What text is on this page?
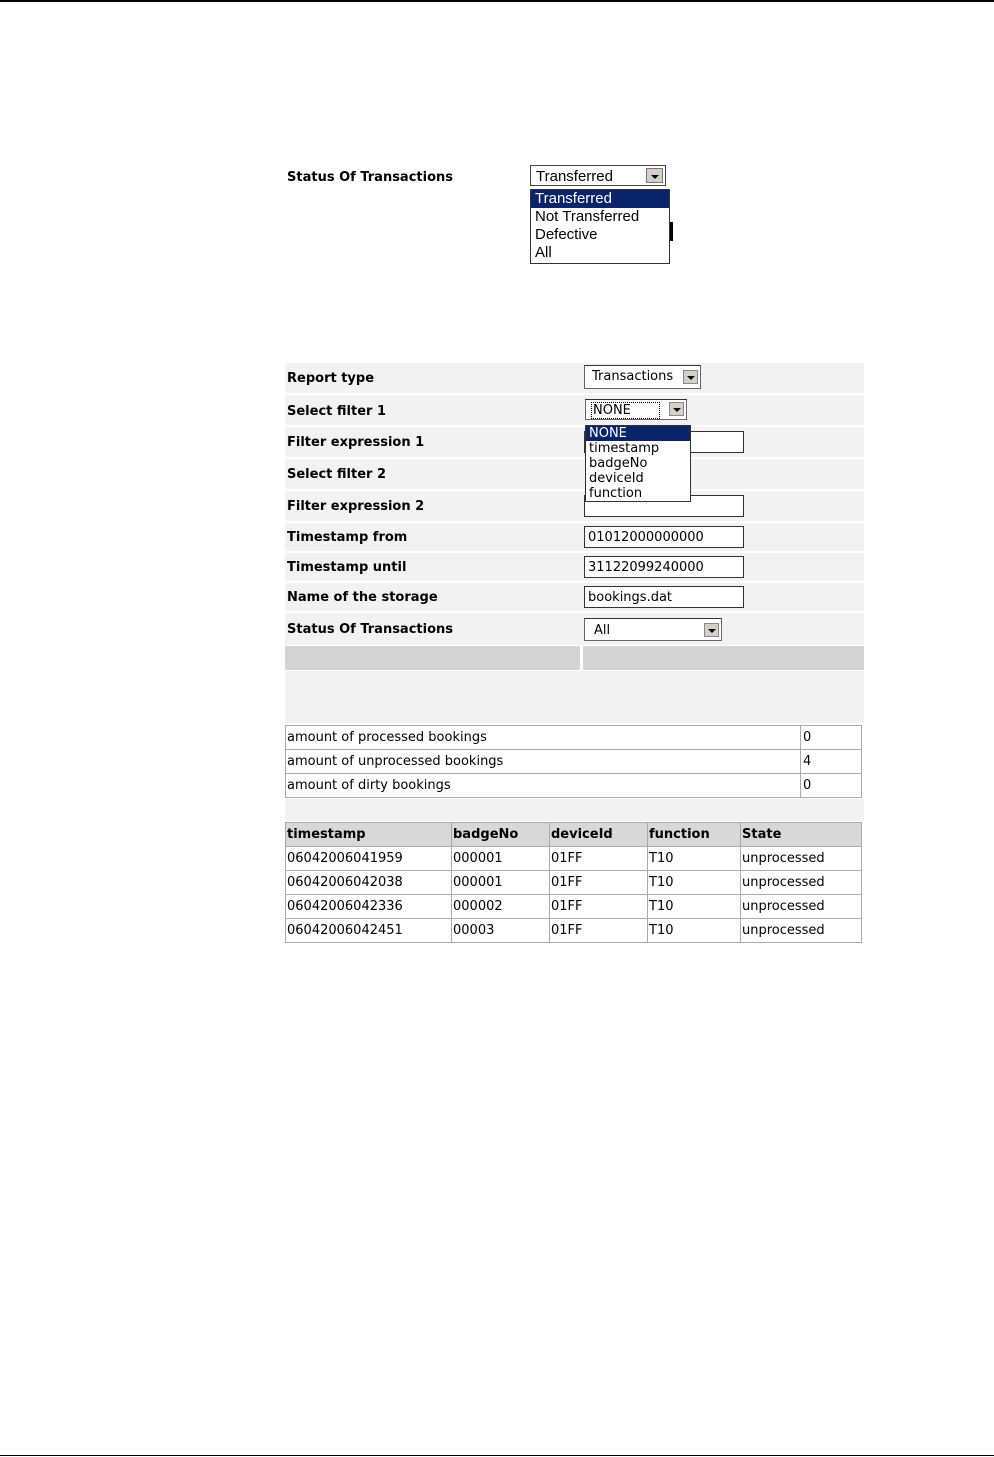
Status Of Transactions	Transferred
Transferred
Not Transferred
Defective
All
Report type	Transactions
Select filter 1	NONE
Filter expression 1
Select filter 2
Filter expression 2
Timestamp from	01012000000000
Timestamp until	31122099240000
Name of the storage	bookings.dat
Status Of Transactions	All
NONE
timestamp
badgeNo
deviceId
function
amount of processed bookings	0
amount of unprocessed bookings	4
amount of dirty bookings	0
timestamp	badgeNo	deviceId	function	State
06042006041959	000001	01FF	T10	unprocessed
06042006042038	000001	01FF	T10	unprocessed
06042006042336	000002	01FF	T10	unprocessed
06042006042451	00003	01FF	T10	unprocessed
